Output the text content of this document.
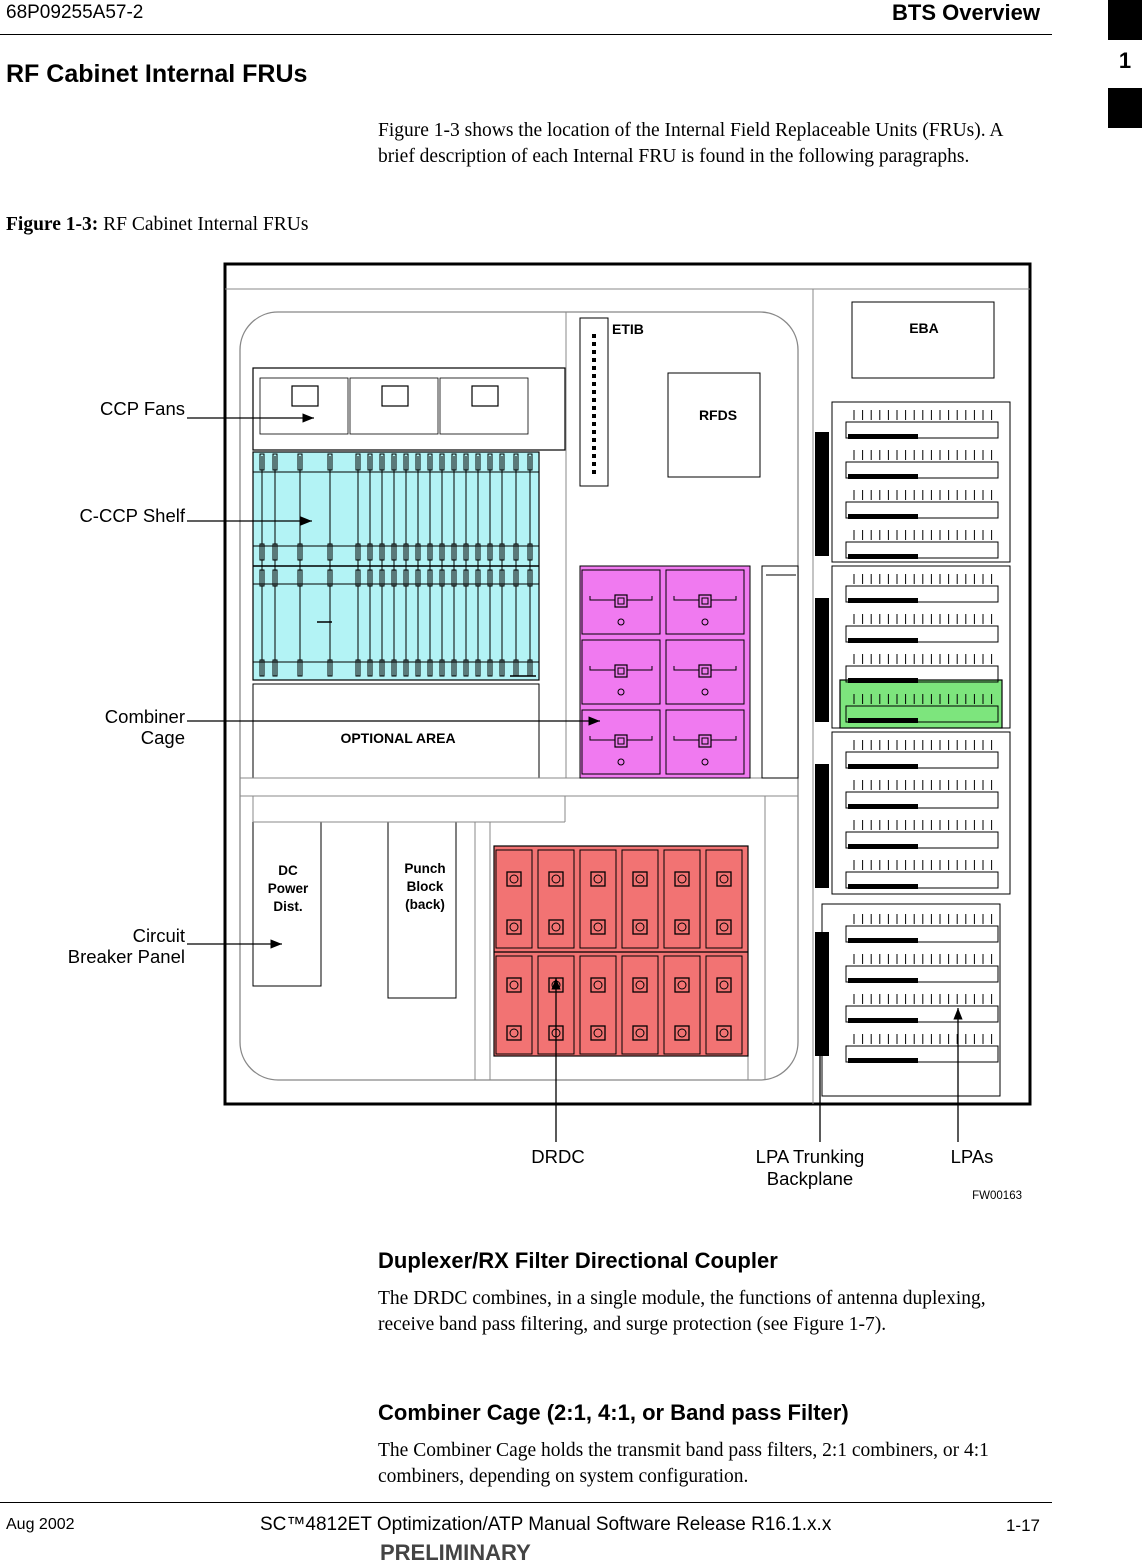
68P09255A57-2	BTS Overview
1
RF Cabinet Internal FRUs
Figure 1-3 shows the location of the Internal Field Replaceable Units (FRUs). A brief description of each Internal FRU is found in the following paragraphs.
Figure 1-3: RF Cabinet Internal FRUs
OPTIONAL AREA
ETIB
RFDS
EBA
DC
Power
Dist.
Punch
Block
(back)
CCP Fans
C-CCP Shelf
Combiner
Cage
Circuit
Breaker Panel
DRDC	LPA Trunking
Backplane
LPAs
FW00163
Duplexer/RX Filter Directional Coupler
The DRDC combines, in a single module, the functions of antenna duplexing, receive band pass filtering, and surge protection (see Figure 1-7).
Combiner Cage (2:1, 4:1, or Band pass Filter)
The Combiner Cage holds the transmit band pass filters, 2:1 combiners, or 4:1 combiners, depending on system configuration.
Aug 2002	SC™4812ET Optimization/ATP Manual Software Release R16.1.x.x	1-17
PRELIMINARY
